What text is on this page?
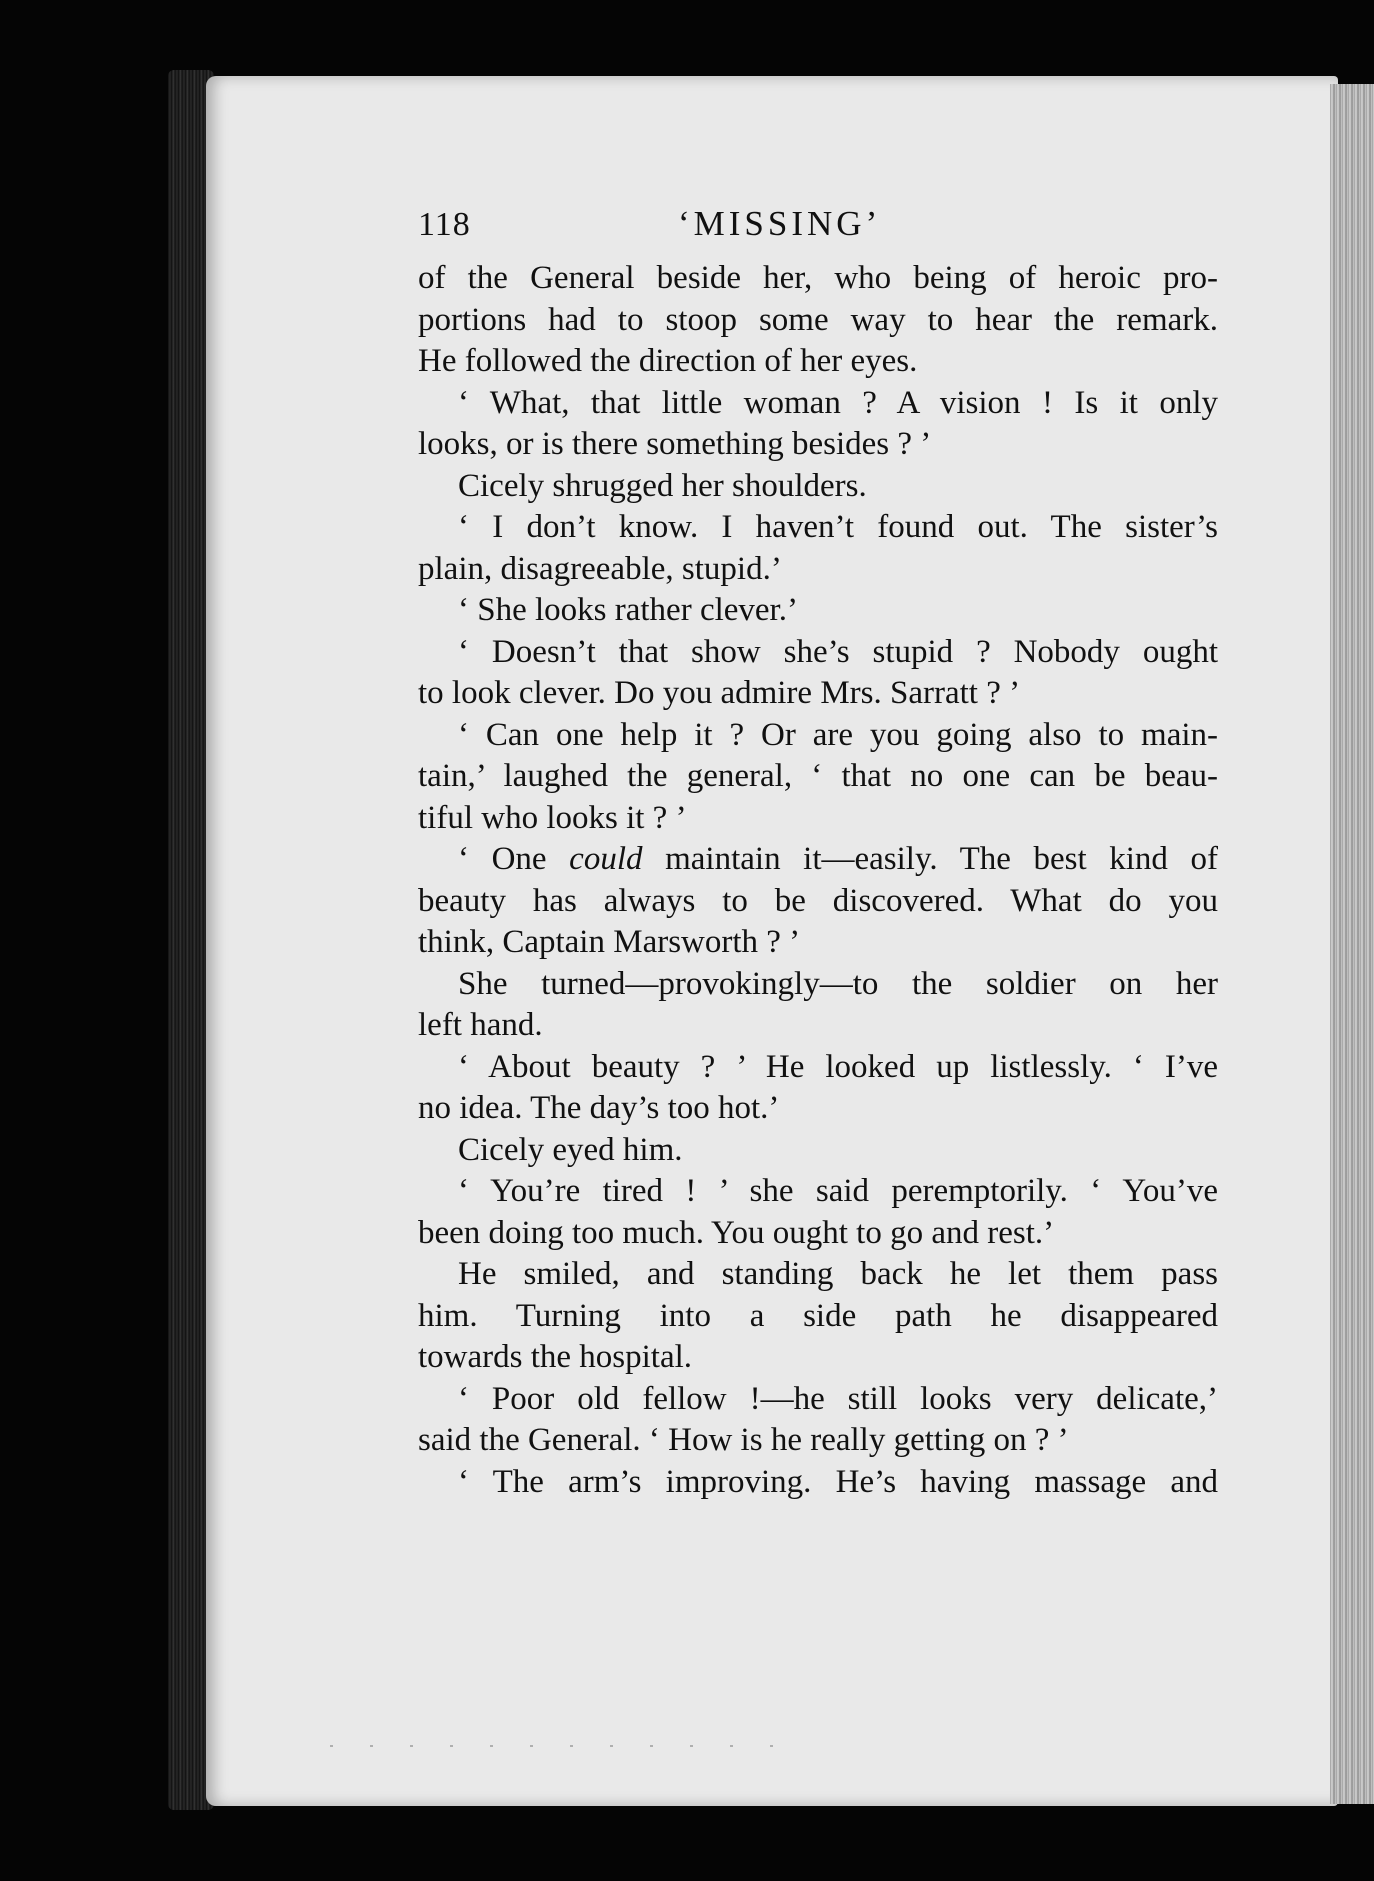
118	‘MISSING’
of the General beside her, who being of heroic pro-
portions had to stoop some way to hear the remark.
He followed the direction of her eyes.
‘ What, that little woman ? A vision ! Is it only
looks, or is there something besides ? ’
Cicely shrugged her shoulders.
‘ I don’t know. I haven’t found out. The sister’s
plain, disagreeable, stupid.’
‘ She looks rather clever.’
‘ Doesn’t that show she’s stupid ? Nobody ought
to look clever. Do you admire Mrs. Sarratt ? ’
‘ Can one help it ? Or are you going also to main-
tain,’ laughed the general, ‘ that no one can be beau-
tiful who looks it ? ’
‘ One could maintain it—easily. The best kind of
beauty has always to be discovered. What do you
think, Captain Marsworth ? ’
She turned—provokingly—to the soldier on her
left hand.
‘ About beauty ? ’ He looked up listlessly. ‘ I’ve
no idea. The day’s too hot.’
Cicely eyed him.
‘ You’re tired ! ’ she said peremptorily. ‘ You’ve
been doing too much. You ought to go and rest.’
He smiled, and standing back he let them pass
him. Turning into a side path he disappeared
towards the hospital.
‘ Poor old fellow !—he still looks very delicate,’
said the General. ‘ How is he really getting on ? ’
‘ The arm’s improving. He’s having massage and
